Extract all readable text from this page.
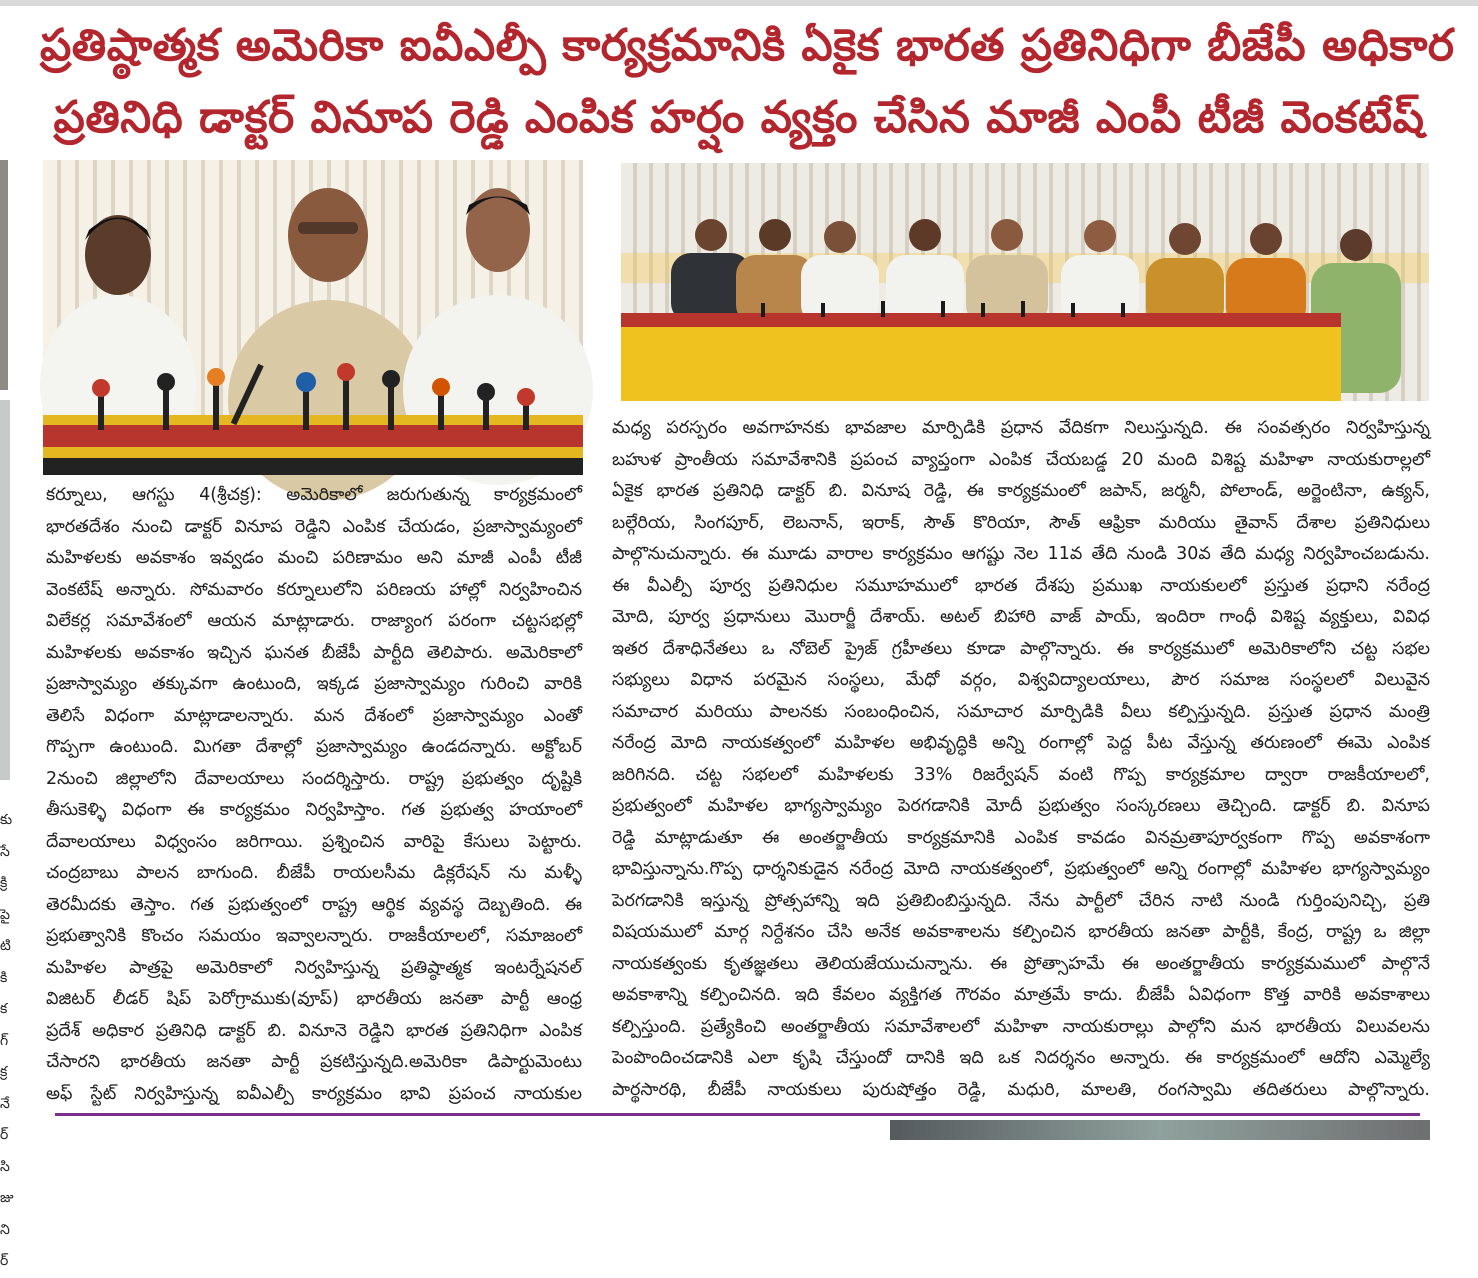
ప్రతిష్ఠాత్మక అమెరికా ఐవీఎల్పీ కార్యక్రమానికి ఏకైక భారత ప్రతినిధిగా బీజేపీ అధికార
ప్రతినిధి డాక్టర్ వినూప రెడ్డి ఎంపిక హర్షం వ్యక్తం చేసిన మాజీ ఎంపీ టీజీ వెంకటేష్
కు
సే
క్రి
పై
టి
కి
క
గ్
క్ర
నే
ర్
సి
జు
ని
ర్
కర్నూలు, ఆగస్టు 4(శ్రీచక్ర): అమెరికాలో జరుగుతున్న కార్యక్రమంలో
భారతదేశం నుంచి డాక్టర్ వినూప రెడ్డిని ఎంపిక చేయడం, ప్రజాస్వామ్యంలో
మహిళలకు అవకాశం ఇవ్వడం మంచి పరిణామం అని మాజీ ఎంపీ టీజీ
వెంకటేష్ అన్నారు. సోమవారం కర్నూలులోని పరిణయ హాల్లో నిర్వహించిన
విలేకర్ల సమావేశంలో ఆయన మాట్లాడారు. రాజ్యాంగ పరంగా చట్టసభల్లో
మహిళలకు అవకాశం ఇచ్చిన ఘనత బీజేపీ పార్టీది తెలిపారు. అమెరికాలో
ప్రజాస్వామ్యం తక్కువగా ఉంటుంది, ఇక్కడ ప్రజాస్వామ్యం గురించి వారికి
తెలిసే విధంగా మాట్లాడాలన్నారు. మన దేశంలో ప్రజాస్వామ్యం ఎంతో
గొప్పగా ఉంటుంది. మిగతా దేశాల్లో ప్రజాస్వామ్యం ఉండదన్నారు. అక్టోబర్
2నుంచి జిల్లాలోని దేవాలయాలు సందర్శిస్తారు. రాష్ట్ర ప్రభుత్వం దృష్టికి
తీసుకెళ్ళి విధంగా ఈ కార్యక్రమం నిర్వహిస్తాం. గత ప్రభుత్వ హయాంలో
దేవాలయాలు విధ్వంసం జరిగాయి. ప్రశ్నించిన వారిపై కేసులు పెట్టారు.
చంద్రబాబు పాలన బాగుంది. బీజేపీ రాయలసీమ డిక్లరేషన్ ను మళ్ళీ
తెరమీదకు తెస్తాం. గత ప్రభుత్వంలో రాష్ట్ర ఆర్థిక వ్యవస్థ దెబ్బతింది. ఈ
ప్రభుత్వానికి కొంచం సమయం ఇవ్వాలన్నారు. రాజకీయాలలో, సమాజంలో
మహిళల పాత్రపై అమెరికాలో నిర్వహిస్తున్న ప్రతిష్ఠాత్మక ఇంటర్నేషనల్
విజిటర్ లీడర్ షిప్ పెరోగ్రాముకు(వూప్) భారతీయ జనతా పార్టీ ఆంధ్ర
ప్రదేశ్ అధికార ప్రతినిధి డాక్టర్ బి. వినూనె రెడ్డిని భారత ప్రతినిధిగా ఎంపిక
చేసారని భారతీయ జనతా పార్టీ ప్రకటిస్తున్నది.అమెరికా డిపార్టుమెంటు
అఫ్ స్టేట్ నిర్వహిస్తున్న ఐవీఎల్పీ కార్యక్రమం భావి ప్రపంచ నాయకుల
మధ్య పరస్పరం అవగాహనకు భావజాల మార్పిడికి ప్రధాన వేదికగా నిలుస్తున్నది. ఈ సంవత్సరం నిర్వహిస్తున్న
బహుళ ప్రాంతీయ సమావేశానికి ప్రపంచ వ్యాప్తంగా ఎంపిక చేయబడ్డ 20 మంది విశిష్ట మహిళా నాయకురాల్లలో
ఏకైక భారత ప్రతినిధి డాక్టర్ బి. వినూష రెడ్డి, ఈ కార్యక్రమంలో జపాన్, జర్మనీ, పోలాండ్, అర్జెంటినా, ఉక్యన్,
బల్గేరియ, సింగపూర్, లెబనాన్, ఇరాక్, సౌత్ కొరియా, సౌత్ ఆఫ్రికా మరియు తైవాన్ దేశాల ప్రతినిధులు
పాల్గొనుచున్నారు. ఈ మూడు వారాల కార్యక్రమం ఆగష్టు నెల 11వ తేది నుండి 30వ తేది మధ్య నిర్వహించబడును.
ఈ వీఎల్పీ పూర్వ ప్రతినిధుల సమూహములో భారత దేశపు ప్రముఖ నాయకులలో ప్రస్తుత ప్రధాని నరేంద్ర
మోది, పూర్వ ప్రధానులు మొరార్జీ దేశాయ్. అటల్ బిహారి వాజ్ పాయ్, ఇందిరా గాంధీ విశిష్ట వ్యక్తులు, వివిధ
ఇతర దేశాధినేతలు ఒ నోబెల్ ప్రైజ్ గ్రహీతలు కూడా పాల్గొన్నారు. ఈ కార్యక్రములో అమెరికాలోని చట్ట సభల
సభ్యులు విధాన పరమైన సంస్థలు, మేధో వర్గం, విశ్వవిద్యాలయాలు, పౌర సమాజ సంస్థలలో విలువైన
సమాచార మరియు పాలనకు సంబంధించిన, సమాచార మార్పిడికి వీలు కల్పిస్తున్నది. ప్రస్తుత ప్రధాన మంత్రి
నరేంద్ర మోది నాయకత్వంలో మహిళల అభివృద్ధికి అన్ని రంగాల్లో పెద్ద పీట వేస్తున్న తరుణంలో ఈమె ఎంపిక
జరిగినది. చట్ట సభలలో మహిళలకు 33% రిజర్వేషన్ వంటి గొప్ప కార్యక్రమాల ద్వారా రాజకీయాలలో,
ప్రభుత్వంలో మహిళల భాగ్యస్వామ్యం పెరగడానికి మోదీ ప్రభుత్వం సంస్కరణలు తెచ్చింది. డాక్టర్ బి. వినూప
రెడ్డి మాట్లాడుతూ ఈ అంతర్జాతీయ కార్యక్రమానికి ఎంపిక కావడం వినమ్రతాపూర్వకంగా గొప్ప అవకాశంగా
భావిస్తున్నాను.గొప్ప ధార్శనికుడైన నరేంద్ర మోది నాయకత్వంలో, ప్రభుత్వంలో అన్ని రంగాల్లో మహిళల భాగ్యస్వామ్యం
పెరగడానికి ఇస్తున్న ప్రోత్సహాన్ని ఇది ప్రతిబింబిస్తున్నది. నేను పార్టీలో చేరిన నాటి నుండి గుర్తింపునిచ్చి, ప్రతి
విషయములో మార్గ నిర్దేశనం చేసి అనేక అవకాశాలను కల్పించిన భారతీయ జనతా పార్టీకి, కేంద్ర, రాష్ట్ర ఒ జిల్లా
నాయకత్వంకు కృతజ్ఞతలు తెలియజేయుచున్నాను. ఈ ప్రోత్సాహమే ఈ అంతర్జాతీయ కార్యక్రమములో పాల్గొనే
అవకాశాన్ని కల్పించినది. ఇది కేవలం వ్యక్తిగత గౌరవం మాత్రమే కాదు. బీజేపీ ఏవిధంగా కొత్త వారికి అవకాశాలు
కల్పిస్తుంది. ప్రత్యేకించి అంతర్జాతీయ సమావేశాలలో మహిళా నాయకురాల్లు పాల్గోని మన భారతీయ విలువలను
పెంపొందించడానికి ఎలా కృషి చేస్తుందో దానికి ఇది ఒక నిదర్శనం అన్నారు. ఈ కార్యక్రమంలో ఆదోని ఎమ్మెల్యే
పార్థసారథి, బీజేపీ నాయకులు పురుషోత్తం రెడ్డి, మధురి, మాలతి, రంగస్వామి తదితరులు పాల్గొన్నారు.
